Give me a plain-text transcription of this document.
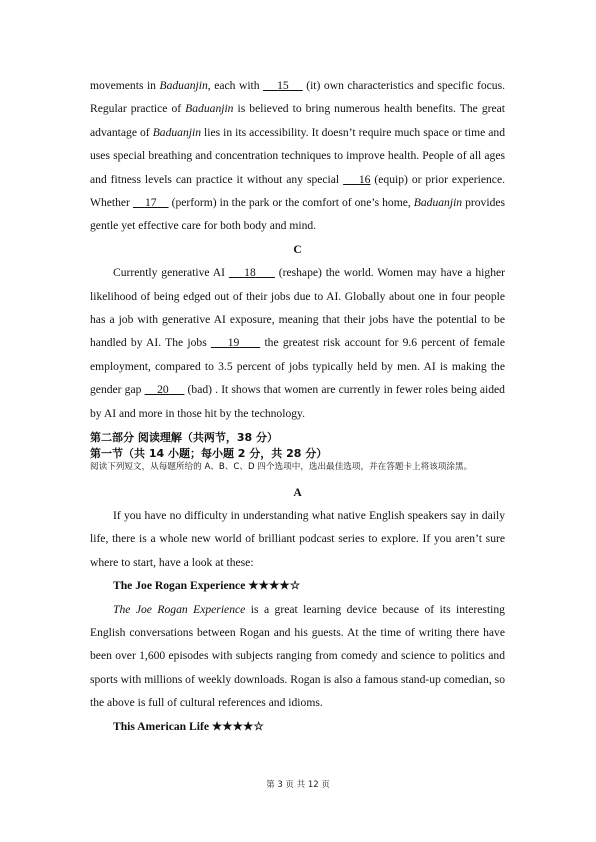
movements in Baduanjin, each with     15     (it) own characteristics and specific focus. Regular practice of Baduanjin is believed to bring numerous health benefits. The great advantage of Baduanjin lies in its accessibility. It doesn’t require much space or time and uses special breathing and concentration techniques to improve health. People of all ages and fitness levels can practice it without any special     16 (equip) or prior experience. Whether     17     (perform) in the park or the comfort of one’s home, Baduanjin provides gentle yet effective care for both body and mind.

C

Currently generative AI     18      (reshape) the world. Women may have a higher likelihood of being edged out of their jobs due to AI. Globally about one in four people has a job with generative AI exposure, meaning that their jobs have the potential to be handled by AI. The jobs     19      the greatest risk account for 9.6 percent of female employment, compared to 3.5 percent of jobs typically held by men. AI is making the gender gap     20      (bad) . It shows that women are currently in fewer roles being aided by AI and more in those hit by the technology.

第二部分 阅读理解（共两节，38 分）

第一节（共 14 小题；每小题 2 分，共 28 分）

阅读下列短文，从每题所给的 A、B、C、D 四个选项中，选出最佳选项，并在答题卡上将该项涂黑。

A

If you have no difficulty in understanding what native English speakers say in daily life, there is a whole new world of brilliant podcast series to explore. If you aren’t sure where to start, have a look at these:

The Joe Rogan Experience ★★★★☆

The Joe Rogan Experience is a great learning device because of its interesting English conversations between Rogan and his guests. At the time of writing there have been over 1,600 episodes with subjects ranging from comedy and science to politics and sports with millions of weekly downloads. Rogan is also a famous stand-up comedian, so the above is full of cultural references and idioms.

This American Life ★★★★☆

第 3 页 共 12 页
